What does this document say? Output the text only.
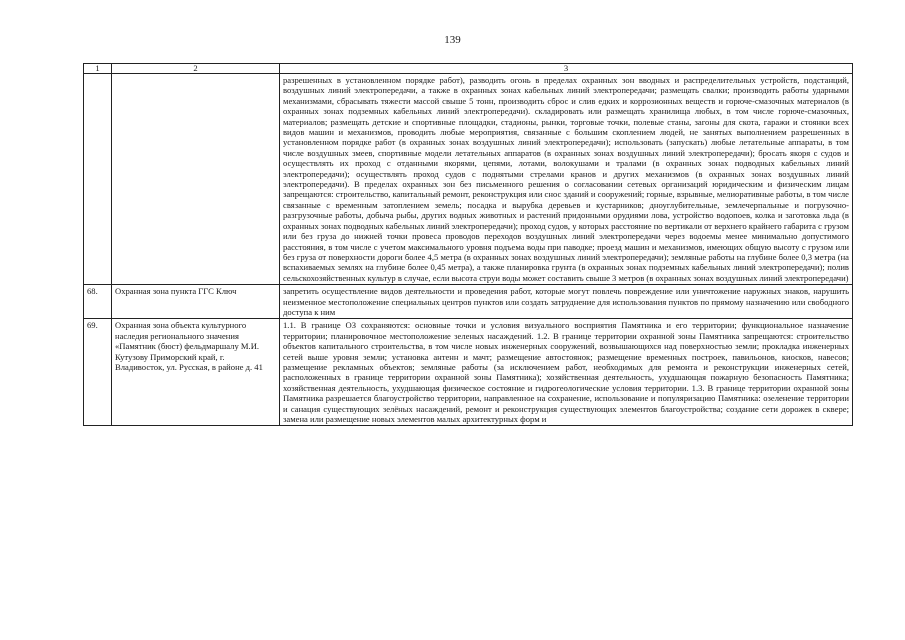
139
1	2	3
		разрешенных в установленном порядке работ), разводить огонь в пределах охранных зон вводных и распределительных устройств, подстанций, воздушных линий электропередачи, а также в охранных зонах кабельных линий электропередачи; размещать свалки; производить работы ударными механизмами, сбрасывать тяжести массой свыше 5 тонн, производить сброс и слив едких и коррозионных веществ и горюче-смазочных материалов (в охранных зонах подземных кабельных линий электропередачи). складировать или размещать хранилища любых, в том числе горюче-смазочных, материалов; размещать детские и спортивные площадки, стадионы, рынки, торговые точки, полевые станы, загоны для скота, гаражи и стоянки всех видов машин и механизмов, проводить любые мероприятия, связанные с большим скоплением людей, не занятых выполнением разрешенных в установленном порядке работ (в охранных зонах воздушных линий электропередачи); использовать (запускать) любые летательные аппараты, в том числе воздушных змеев, спортивные модели летательных аппаратов (в охранных зонах воздушных линий электропередачи); бросать якоря с судов и осуществлять их проход с отданными якорями, цепями, лотами, волокушами и тралами (в охранных зонах подводных кабельных линий электропередачи); осуществлять проход судов с поднятыми стрелами кранов и других механизмов (в охранных зонах воздушных линий электропередачи). В пределах охранных зон без письменного решения о согласовании сетевых организаций юридическим и физическим лицам запрещаются: строительство, капитальный ремонт, реконструкция или снос зданий и сооружений; горные, взрывные, мелиоративные работы, в том числе связанные с временным затоплением земель; посадка и вырубка деревьев и кустарников; дноуглубительные, землечерпальные и погрузочно-разгрузочные работы, добыча рыбы, других водных животных и растений придонными орудиями лова, устройство водопоев, колка и заготовка льда (в охранных зонах подводных кабельных линий электропередачи); проход судов, у которых расстояние по вертикали от верхнего крайнего габарита с грузом или без груза до нижней точки провеса проводов переходов воздушных линий электропередачи через водоемы менее минимально допустимого расстояния, в том числе с учетом максимального уровня подъема воды при паводке; проезд машин и механизмов, имеющих общую высоту с грузом или без груза от поверхности дороги более 4,5 метра (в охранных зонах воздушных линий электропередачи); земляные работы на глубине более 0,3 метра (на вспахиваемых землях на глубине более 0,45 метра), а также планировка грунта (в охранных зонах подземных кабельных линий электропередачи); полив сельскохозяйственных культур в случае, если высота струи воды может составить свыше 3 метров (в охранных зонах воздушных линий электропередачи)
68.	Охранная зона пункта ГГС Ключ	запретить осуществление видов деятельности и проведения работ, которые могут повлечь повреждение или уничтожение наружных знаков, нарушить неизменное местоположение специальных центров пунктов или создать затруднение для использования пунктов по прямому назначению или свободного доступа к ним
69.	Охранная зона объекта культурного наследия регионального значения «Памятник (бюст) фельдмаршалу М.И. Кутузову Приморский край, г. Владивосток, ул. Русская, в районе д. 41	1.1. В границе ОЗ сохраняются: основные точки и условия визуального восприятия Памятника и его территории; функциональное назначение территории; планировочное местоположение зеленых насаждений. 1.2. В границе территории охранной зоны Памятника запрещаются: строительство объектов капитального строительства, в том числе новых инженерных сооружений, возвышающихся над поверхностью земли; прокладка инженерных сетей выше уровня земли; установка антенн и мачт; размещение автостоянок; размещение временных построек, павильонов, киосков, навесов; размещение рекламных объектов; земляные работы (за исключением работ, необходимых для ремонта и реконструкции инженерных сетей, расположенных в границе территории охранной зоны Памятника); хозяйственная деятельность, ухудшающая пожарную безопасность Памятника; хозяйственная деятельность, ухудшающая физическое состояние и гидрогеологические условия территории. 1.3. В границе территории охранной зоны Памятника разрешается благоустройство территории, направленное на сохранение, использование и популяризацию Памятника: озеленение территории и санация существующих зелёных насаждений, ремонт и реконструкция существующих элементов благоустройства; создание сети дорожек в сквере; замена или размещение новых элементов малых архитектурных форм и
